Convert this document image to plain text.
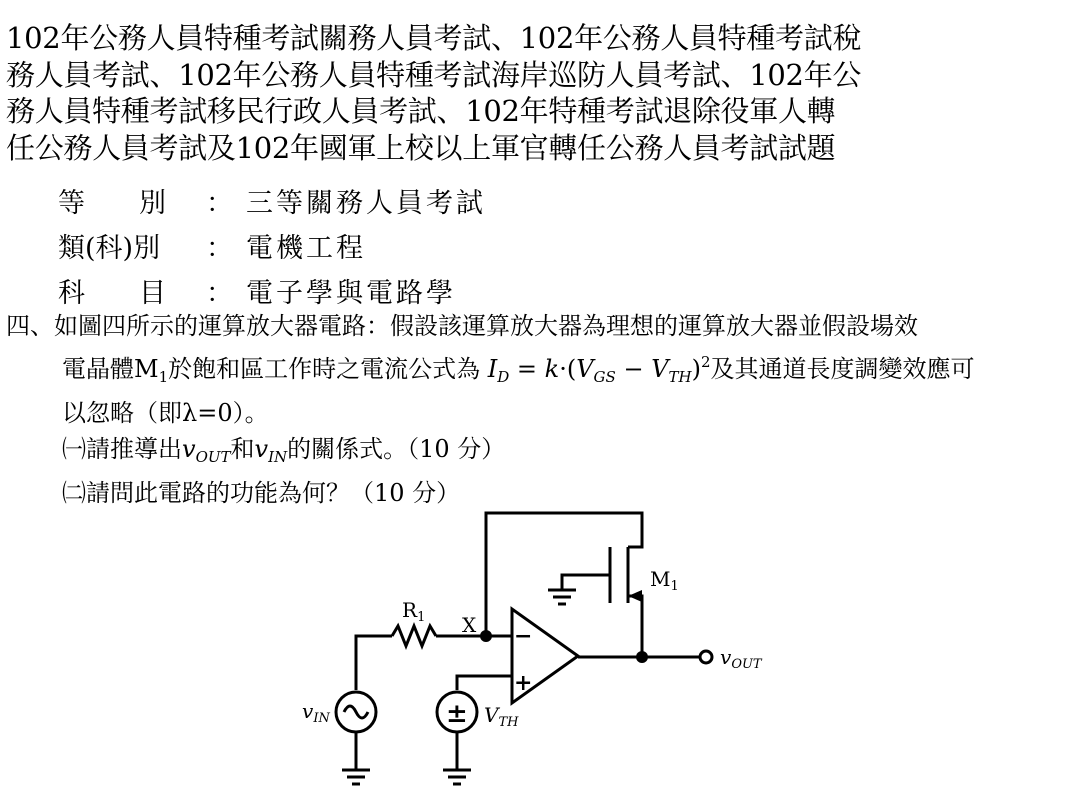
102年公務人員特種考試關務人員考試、102年公務人員特種考試稅
務人員考試、102年公務人員特種考試海岸巡防人員考試、102年公
務人員特種考試移民行政人員考試、102年特種考試退除役軍人轉
任公務人員考試及102年國軍上校以上軍官轉任公務人員考試試題
等　　別	： 三等關務人員考試
類(科)別	： 電機工程
科　　目	： 電子學與電路學
四、如圖四所示的運算放大器電路：假設該運算放大器為理想的運算放大器並假設場效
電晶體$M_1$於飽和區工作時之電流公式為 $I_D = k\cdot(V_{GS} - V_{TH})^2$及其通道長度調變效應可
以忽略（即λ=0）。
㈠請推導出$v_{OUT}$和$v_{IN}$的關係式。（10 分）
㈡請問此電路的功能為何？（10 分）
$R_1$ X
$M_1$
$v_{OUT}$
$v_{IN}$	$V_{TH}$
−
+
±
